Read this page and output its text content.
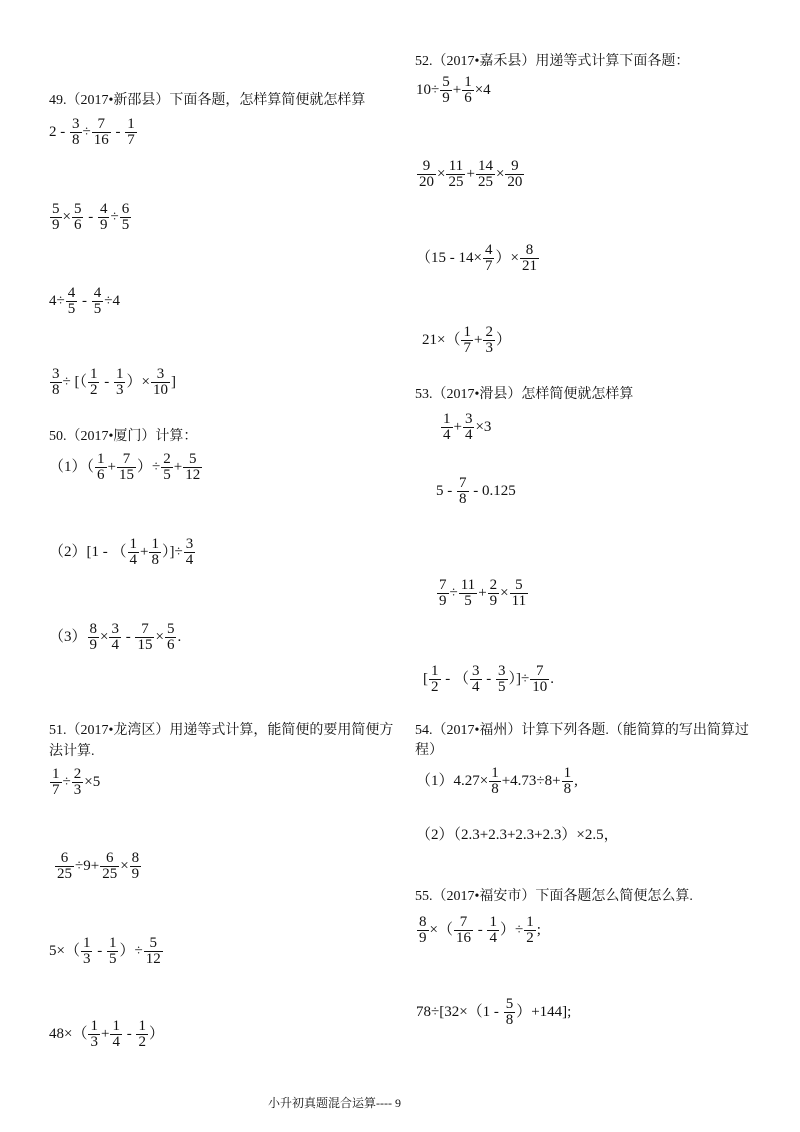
49.（2017•新邵县）下面各题，怎样算简便就怎样算
$2 - \frac{3}{8} \div \frac{7}{16} - \frac{1}{7}$
$\frac{5}{9} \times \frac{5}{6} - \frac{4}{9} \div \frac{6}{5}$
$4\div \frac{4}{5} - \frac{4}{5} \div 4$
$\frac{3}{8}$ ÷ [（ $\frac{1}{2} - \frac{1}{3}$ ）× $\frac{3}{10}$ ]
50.（2017•厦门）计算：
$(1)( \frac{1}{6} + \frac{7}{15}$ ）÷ $\frac{2}{5} + \frac{5}{12}$
（2）[1 - （ $\frac{1}{4} + \frac{1}{8}$ ）]÷ $\frac{3}{4}$
$(3) \frac{8}{9} \times \frac{3}{4} - \frac{7}{15} \times \frac{5}{6}$ .
51.（2017•龙湾区）用递等式计算，能简便的要用简便方
法计算.
$\frac{1}{7} \div \frac{2}{3} \times 5$
$\frac{6}{25} \div 9+ \frac{6}{25} \times \frac{8}{9}$
$5\times( \frac{1}{3} - \frac{1}{5}$ ）÷ $\frac{5}{12}$
$48\times( \frac{1}{3} + \frac{1}{4} - \frac{1}{2}$ ）
52.（2017•嘉禾县）用递等式计算下面各题：
$10\div \frac{5}{9} + \frac{1}{6} \times 4$
$\frac{9}{20} \times \frac{11}{25} + \frac{14}{25} \times \frac{9}{20}$
（$15 - 14\times \frac{4}{7}$ ）× $\frac{8}{21}$
$21\times( \frac{1}{7} + \frac{2}{3}$ ）
53.（2017•滑县）怎样简便就怎样算
$\frac{1}{4} + \frac{3}{4} \times 3$
$5 - \frac{7}{8} - 0.125$
$\frac{7}{9} \div \frac{11}{5} + \frac{2}{9} \times \frac{5}{11}$
[ $\frac{1}{2}$ - （ $\frac{3}{4} - \frac{3}{5}$ ）]÷ $\frac{7}{10}$ .
54.（2017•福州）计算下列各题.（能简算的写出简算过
程）
$(1)4.27\times \frac{1}{8} +4.73\div 8+ \frac{1}{8}$ ,
（2）（2.3+2.3+2.3+2.3）×2.5，
55.（2017•福安市）下面各题怎么简便怎么算.
$\frac{8}{9}$ ×（ $\frac{7}{16} - \frac{1}{4}$ ）÷ $\frac{1}{2}$ ;
$78\div[32\times(1 - \frac{5}{8} )+144]$;
小升初真题混合运算---- 9
